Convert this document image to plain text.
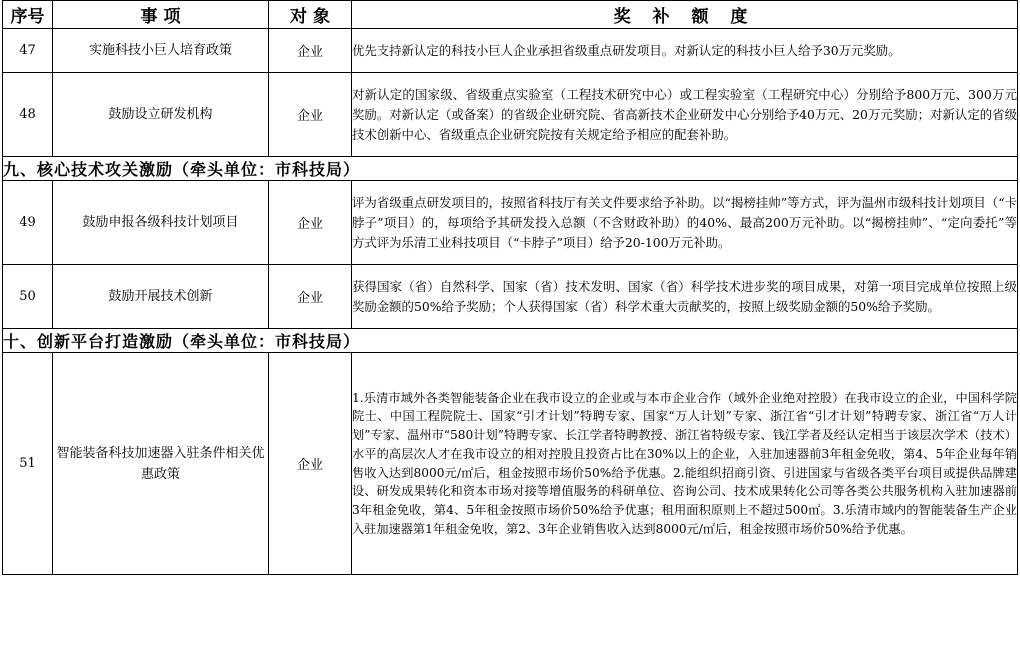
序号	事 项	对 象	奖 补 额 度
47	实施科技小巨人培育政策	企业	优先支持新认定的科技小巨人企业承担省级重点研发项目。对新认定的科技小巨人给予30万元奖励。
48	鼓励设立研发机构	企业	对新认定的国家级、省级重点实验室（工程技术研究中心）或工程实验室（工程研究中心）分别给予800万元、300万元奖励。对新认定（或备案）的省级企业研究院、省高新技术企业研发中心分别给予40万元、20万元奖励；对新认定的省级技术创新中心、省级重点企业研究院按有关规定给予相应的配套补助。
九、核心技术攻关激励（牵头单位：市科技局）			
49	鼓励申报各级科技计划项目	企业	评为省级重点研发项目的，按照省科技厅有关文件要求给予补助。以“揭榜挂帅”等方式，评为温州市级科技计划项目（“卡脖子”项目）的，每项给予其研发投入总额（不含财政补助）的40%、最高200万元补助。以“揭榜挂帅”、“定向委托”等方式评为乐清工业科技项目（“卡脖子”项目）给予20-100万元补助。
50	鼓励开展技术创新	企业	获得国家（省）自然科学、国家（省）技术发明、国家（省）科学技术进步奖的项目成果，对第一项目完成单位按照上级奖励金额的50%给予奖励；个人获得国家（省）科学术重大贡献奖的，按照上级奖励金额的50%给予奖励。
十、创新平台打造激励（牵头单位：市科技局）			
51	智能装备科技加速器入驻条件相关优惠政策	企业	1.乐清市域外各类智能装备企业在我市设立的企业或与本市企业合作（域外企业绝对控股）在我市设立的企业，中国科学院院士、中国工程院院士、国家“引才计划”特聘专家、国家“万人计划”专家、浙江省“引才计划”特聘专家、浙江省“万人计划”专家、温州市“580计划”特聘专家、长江学者特聘教授、浙江省特级专家、钱江学者及经认定相当于该层次学术（技术）水平的高层次人才在我市设立的相对控股且投资占比在30%以上的企业，入驻加速器前3年租金免收，第4、5年企业每年销售收入达到8000元/㎡后，租金按照市场价50%给予优惠。2.能组织招商引资、引进国家与省级各类平台项目或提供品牌建设、研发成果转化和资本市场对接等增值服务的科研单位、咨询公司、技术成果转化公司等各类公共服务机构入驻加速器前3年租金免收，第4、5年租金按照市场价50%给予优惠；租用面积原则上不超过500㎡。3.乐清市域内的智能装备生产企业入驻加速器第1年租金免收，第2、3年企业销售收入达到8000元/㎡后，租金按照市场价50%给予优惠。
